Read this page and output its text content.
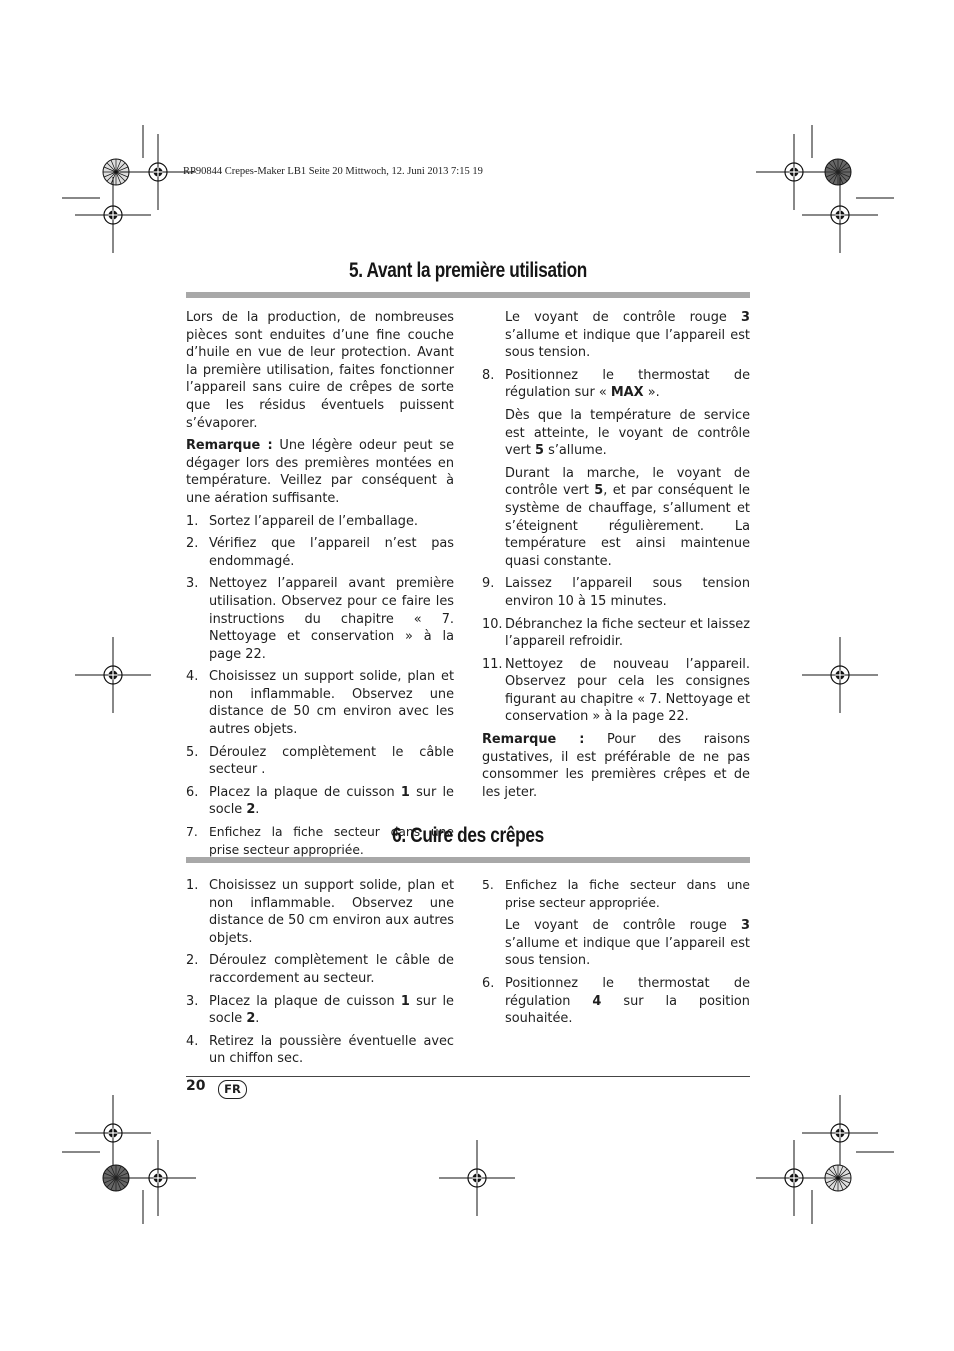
RP90844 Crepes-Maker LB1 Seite 20 Mittwoch, 12. Juni 2013 7:15 19
5. Avant la première utilisation

Lors de la production, de nombreuses pièces sont enduites d’une fine couche d’huile en vue de leur protection. Avant la première utilisation, faites fonctionner l’appareil sans cuire de crêpes de sorte que les résidus éventuels puissent s’évaporer.

Remarque : Une légère odeur peut se dégager lors des premières montées en température. Veillez par conséquent à une aération suffisante.

1. Sortez l’appareil de l’emballage.
2. Vérifiez que l’appareil n’est pas endommagé.
3. Nettoyez l’appareil avant première utilisation. Observez pour ce faire les instructions du chapitre « 7. Nettoyage et conservation » à la page 22.
4. Choisissez un support solide, plan et non inflammable. Observez une distance de 50 cm environ avec les autres objets.
5. Déroulez complètement le câble secteur .
6. Placez la plaque de cuisson 1 sur le socle 2.
7. Enfichez la fiche secteur dans une prise secteur appropriée.

Le voyant de contrôle rouge 3 s’allume et indique que l’appareil est sous tension.

8. Positionnez le thermostat de régulation sur « MAX ».

Dès que la température de service est atteinte, le voyant de contrôle vert 5 s’allume.

Durant la marche, le voyant de contrôle vert 5, et par conséquent le système de chauffage, s’allument et s’éteignent régulièrement. La température est ainsi maintenue quasi constante.

9. Laissez l’appareil sous tension environ 10 à 15 minutes.
10. Débranchez la fiche secteur et laissez l’appareil refroidir.
11. Nettoyez de nouveau l’appareil. Observez pour cela les consignes figurant au chapitre « 7. Nettoyage et conservation » à la page 22.

Remarque : Pour des raisons gustatives, il est préférable de ne pas consommer les premières crêpes et de les jeter.

6. Cuire des crêpes
1. Choisissez un support solide, plan et non inflammable. Observez une distance de 50 cm environ aux autres objets.
2. Déroulez complètement le câble de raccordement au secteur.
3. Placez la plaque de cuisson 1 sur le socle 2.
4. Retirez la poussière éventuelle avec un chiffon sec.
5. Enfichez la fiche secteur dans une prise secteur appropriée.

Le voyant de contrôle rouge 3 s’allume et indique que l’appareil est sous tension.

6. Positionnez le thermostat de régulation 4 sur la position souhaitée.
20	FR
